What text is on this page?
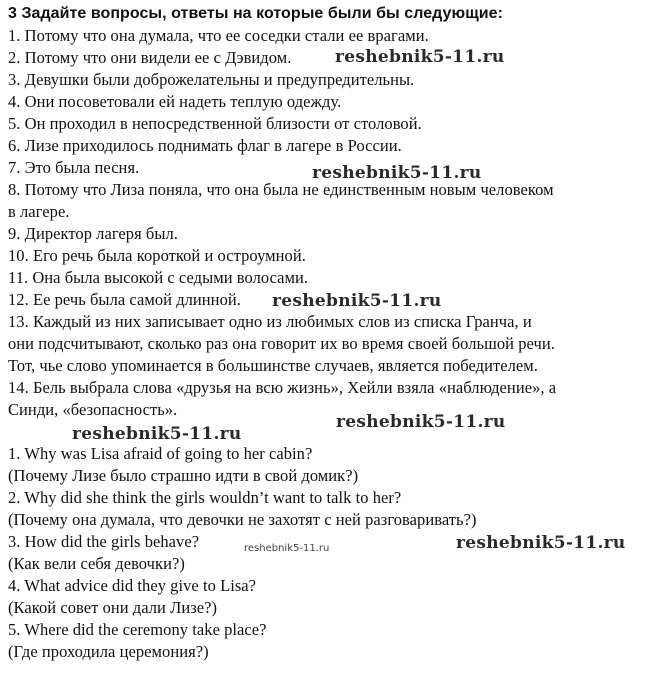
3 Задайте вопросы, ответы на которые были бы следующие:
1. Потому что она думала, что ее соседки стали ее врагами.
2. Потому что они видели ее с Дэвидом.
3. Девушки были доброжелательны и предупредительны.
4. Они посоветовали ей надеть теплую одежду.
5. Он проходил в непосредственной близости от столовой.
6. Лизе приходилось поднимать флаг в лагере в России.
7. Это была песня.
8. Потому что Лиза поняла, что она была не единственным новым человеком
в лагере.
9. Директор лагеря был.
10. Его речь была короткой и остроумной.
11. Она была высокой с седыми волосами.
12. Ее речь была самой длинной.
13. Каждый из них записывает одно из любимых слов из списка Гранча, и
они подсчитывают, сколько раз она говорит их во время своей большой речи.
Тот, чье слово упоминается в большинстве случаев, является победителем.
14. Бель выбрала слова «друзья на всю жизнь», Хейли взяла «наблюдение», а
Синди, «безопасность».
1. Why was Lisa afraid of going to her cabin?
(Почему Лизе было страшно идти в свой домик?)
2. Why did she think the girls wouldn’t want to talk to her?
(Почему она думала, что девочки не захотят с ней разговаривать?)
3. How did the girls behave?
(Как вели себя девочки?)
4. What advice did they give to Lisa?
(Какой совет они дали Лизе?)
5. Where did the ceremony take place?
(Где проходила церемония?)
reshebnik5-11.ru
reshebnik5-11.ru
reshebnik5-11.ru
reshebnik5-11.ru
reshebnik5-11.ru
reshebnik5-11.ru	reshebnik5-11.ru
